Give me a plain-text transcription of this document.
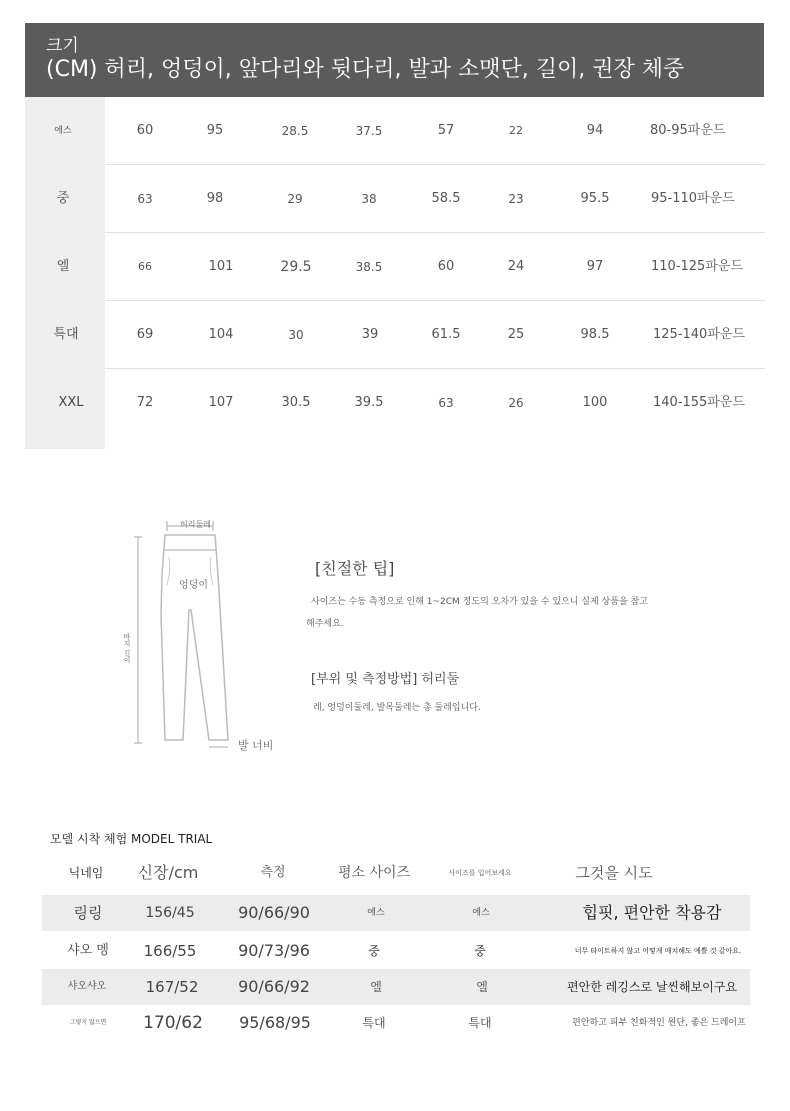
크기
(CM) 허리, 엉덩이, 앞다리와 뒷다리, 발과 소맷단, 길이, 권장 체중
에스	60	95	28.5	37.5	57	22	94	80-95파운드
중	63	98	29	38	58.5	23	95.5	95-110파운드
엘	66	101	29.5	38.5	60	24	97	110-125파운드
특대	69	104	30	39	61.5	25	98.5	125-140파운드
XXL	72	107	30.5	39.5	63	26	100	140-155파운드
허리둘레
엉덩이
바지 길이
발 너비
[친절한 팁]
사이즈는 수동 측정으로 인해 1~2CM 정도의 오차가 있을 수 있으니 실제 상품을 참고
해주세요.
[부위 및 측정방법] 허리둘
레, 엉덩이둘레, 발목둘레는 총 둘레입니다.
모델 시착 체험 MODEL TRIAL
닉네임 신장/cm	측정	평소 사이즈	사이즈를 입어보세요	그것을 시도
링링	156/45	90/66/90	에스	에스	힙핏, 편안한 착용감
샤오 멩 166/55	90/73/96	중	중	너무 타이트하지 않고 어떻게 매치해도 예쁠 것 같아요.
샤오샤오	167/52 90/66/92	엘	엘	편안한 레깅스로 날씬해보이구요
그렇지 않으면 170/62 95/68/95	특대	특대	편안하고 피부 친화적인 원단, 좋은 드레이프
